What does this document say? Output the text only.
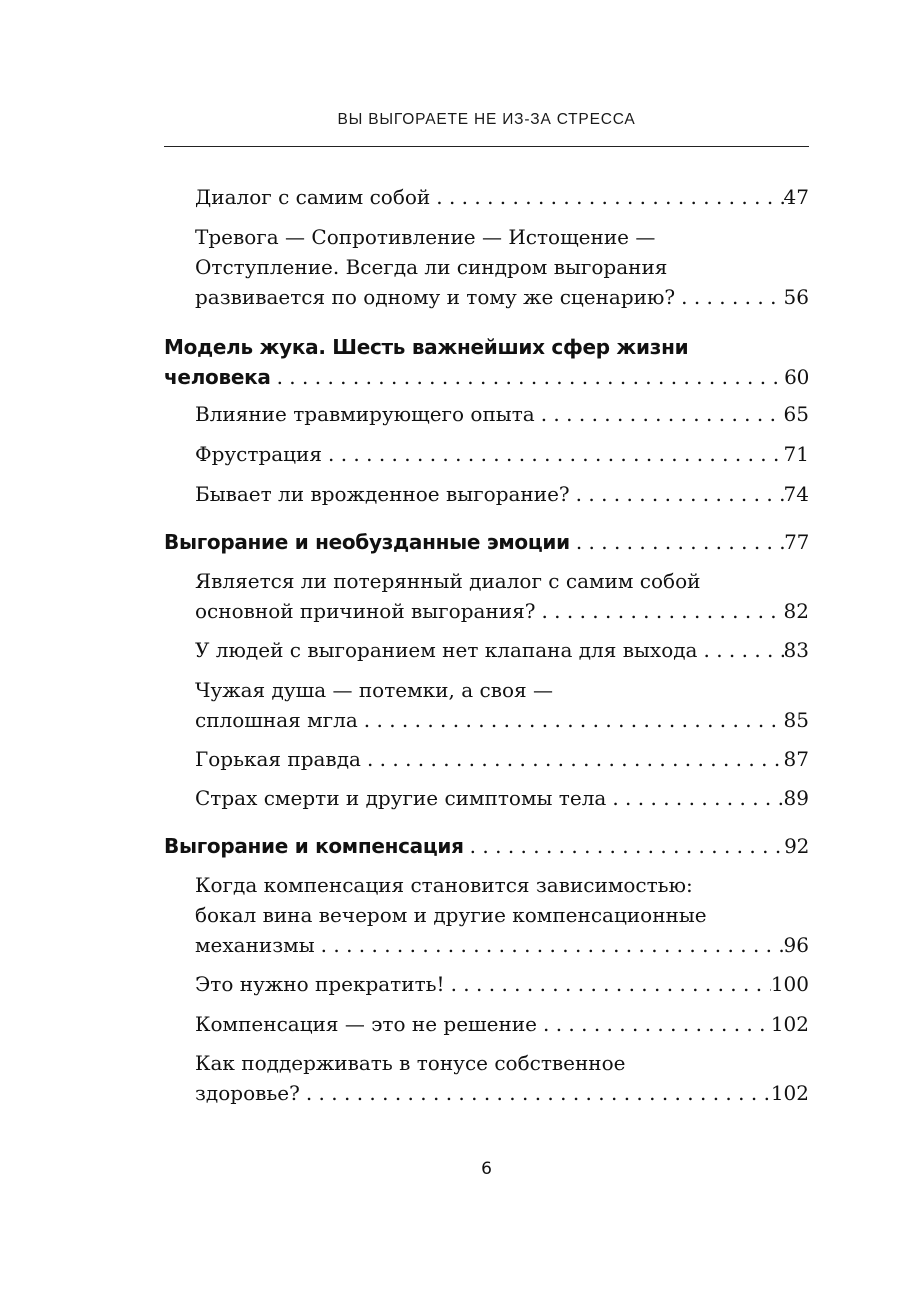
ВЫ ВЫГОРАЕТЕ НЕ ИЗ-ЗА СТРЕССА
Диалог с самим собой . . .	47
Тревога — Сопротивление — Истощение —
Отступление. Всегда ли синдром выгорания
развивается по одному и тому же сценарию? . . .	56
Модель жука. Шесть важнейших сфер жизни
человека . . .	60
Влияние травмирующего опыта . . .	65
Фрустрация . . .	71
Бывает ли врожденное выгорание? . . .	74
Выгорание и необузданные эмоции . . .	77
Является ли потерянный диалог с самим собой
основной причиной выгорания? . . .	82
У людей с выгоранием нет клапана для выхода . . .	83
Чужая душа — потемки, а своя —
сплошная мгла . . .	85
Горькая правда . . .	87
Страх смерти и другие симптомы тела . . .	89
Выгорание и компенсация . . .	92
Когда компенсация становится зависимостью:
бокал вина вечером и другие компенсационные
механизмы . . .	96
Это нужно прекратить! . . .	100
Компенсация — это не решение . . .	102
Как поддерживать в тонусе собственное
здоровье? . . .	102
6
